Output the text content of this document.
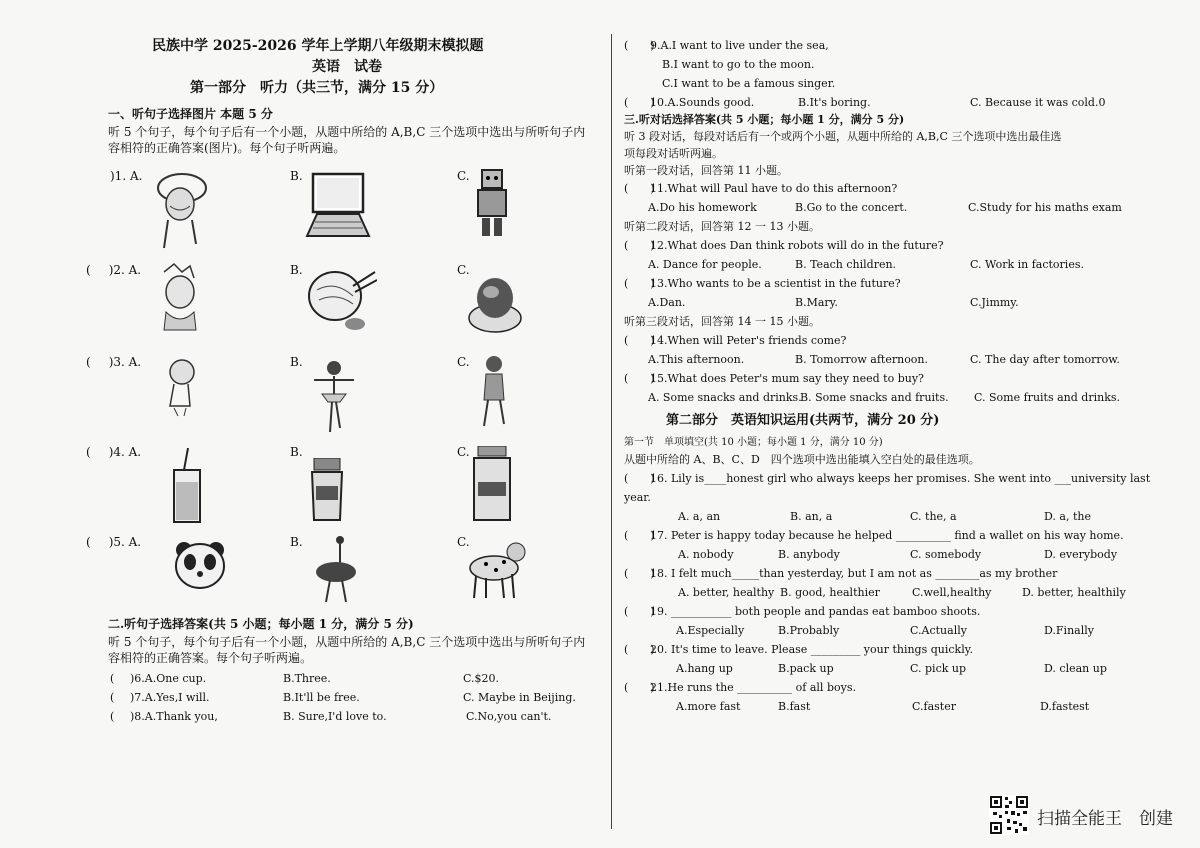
民族中学 2025-2026 学年上学期八年级期末模拟题
英语　试卷
第一部分　听力（共三节，满分 15 分）
一、听句子选择图片 本题 5 分
听 5 个句子，每个句子后有一个小题，从题中所给的 A,B,C 三个选项中选出与所听句子内
容相符的正确答案(图片)。每个句子听两遍。
)1. A.	B.	C.
( )2. A.	B.	C.
( )3. A.	B.	C.
( )4. A.	B.	C.
( )5. A.	B.	C.
二.听句子选择答案(共 5 小题；每小题 1 分，满分 5 分)
听 5 个句子，每个句子后有一个小题，从题中所给的 A,B,C 三个选项中选出与所听句子内
容相符的正确答案。每个句子听两遍。
( )6.A.One cup.	B.Three.	C.$20.
( )7.A.Yes,I will.	B.It'll be free.	C. Maybe in Beijing.
( )8.A.Thank you,	B. Sure,I'd love to.	C.No,you can't.
(　　)
9.A.I want to live under the sea,
B.I want to go to the moon.
C.I want to be a famous singer.
(　　)
10.A.Sounds good.	B.It's boring.	C. Because it was cold.0
三.听对话选择答案(共 5 小题；每小题 1 分，满分 5 分)
听 3 段对话，每段对话后有一个或两个小题，从题中所给的 A,B,C 三个选项中选出最佳选
项每段对话听两遍。
听第一段对话，回答第 11 小题。
(　　)
11.What will Paul have to do this afternoon?
A.Do his homework	B.Go to the concert.	C.Study for his maths exam
听第二段对话，回答第 12 一 13 小题。
(　　)
12.What does Dan think robots will do in the future?
A. Dance for people.	B. Teach children.	C. Work in factories.
(　　)
13.Who wants to be a scientist in the future?
A.Dan.	B.Mary.	C.Jimmy.
听第三段对话，回答第 14 一 15 小题。
(　　)
14.When will Peter's friends come?
A.This afternoon.	B. Tomorrow afternoon.	C. The day after tomorrow.
(　　)
15.What does Peter's mum say they need to buy?
A. Some snacks and drinks.
B. Some snacks and fruits. C. Some fruits and drinks.
第二部分　英语知识运用(共两节，满分 20 分)
第一节　单项填空(共 10 小题；每小题 1 分，满分 10 分)
从题中所给的 A、B、C、D　四个选项中选出能填入空白处的最佳选项。
(　　)
16. Lily is____honest girl who always keeps her promises. She went into ___university last
year.
A. a, an	B. an, a	C. the, a	D. a, the
(　　)
17. Peter is happy today because he helped __________ find a wallet on his way home.
A. nobody	B. anybody	C. somebody	D. everybody
(　　)
18. I felt much_____than yesterday, but I am not as ________as my brother
A. better, healthy B. good, healthier	C.well,healthy	D. better, healthily
(　　)
19. ___________ both people and pandas eat bamboo shoots.
A.Especially	B.Probably	C.Actually	D.Finally
(　　)
20. It's time to leave. Please _________ your things quickly.
A.hang up	B.pack up	C. pick up	D. clean up
(　　)
21.He runs the __________ of all boys.
A.more fast	B.fast	C.faster	D.fastest
扫描全能王　创建
